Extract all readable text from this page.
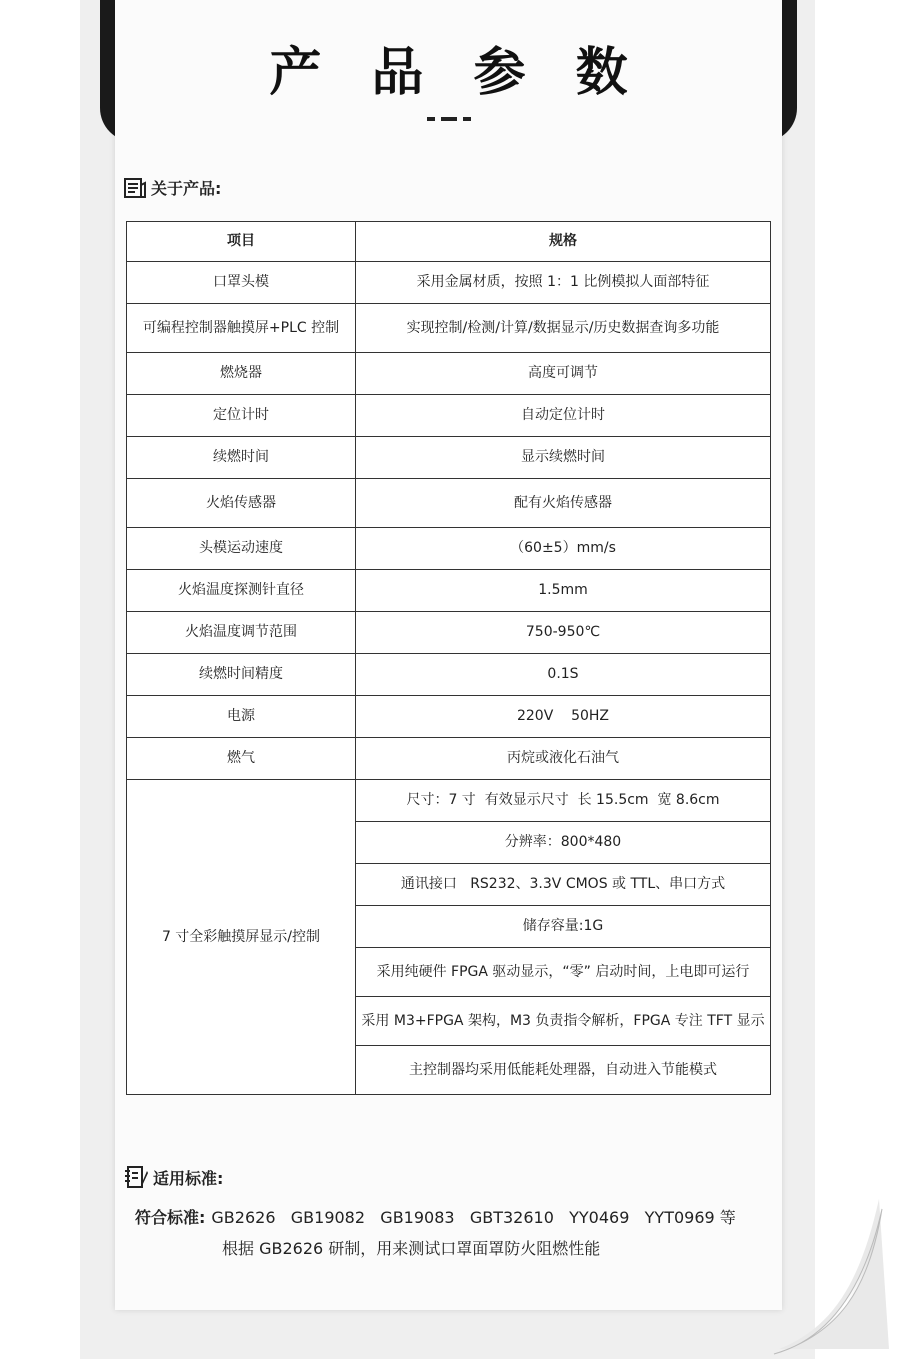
产 品 参 数
关于产品:
项目	规格
口罩头模	采用金属材质，按照 1：1 比例模拟人面部特征
可编程控制器触摸屏+PLC 控制	实现控制/检测/计算/数据显示/历史数据查询多功能
燃烧器	高度可调节
定位计时	自动定位计时
续燃时间	显示续燃时间
火焰传感器	配有火焰传感器
头模运动速度	（60±5）mm/s
火焰温度探测针直径	1.5mm
火焰温度调节范围	750-950℃
续燃时间精度	0.1S
电源	220V    50HZ
燃气	丙烷或液化石油气
7 寸全彩触摸屏显示/控制	尺寸：7 寸  有效显示尺寸  长 15.5cm  宽 8.6cm
	分辨率：800*480
	通讯接口   RS232、3.3V CMOS 或 TTL、串口方式
	储存容量:1G
	采用纯硬件 FPGA 驱动显示，“零” 启动时间，上电即可运行
	采用 M3+FPGA 架构，M3 负责指令解析，FPGA 专注 TFT 显示
	主控制器均采用低能耗处理器，自动进入节能模式
适用标准:
符合标准: GB2626   GB19082   GB19083   GBT32610   YY0469   YYT0969 等
根据 GB2626 研制，用来测试口罩面罩防火阻燃性能
